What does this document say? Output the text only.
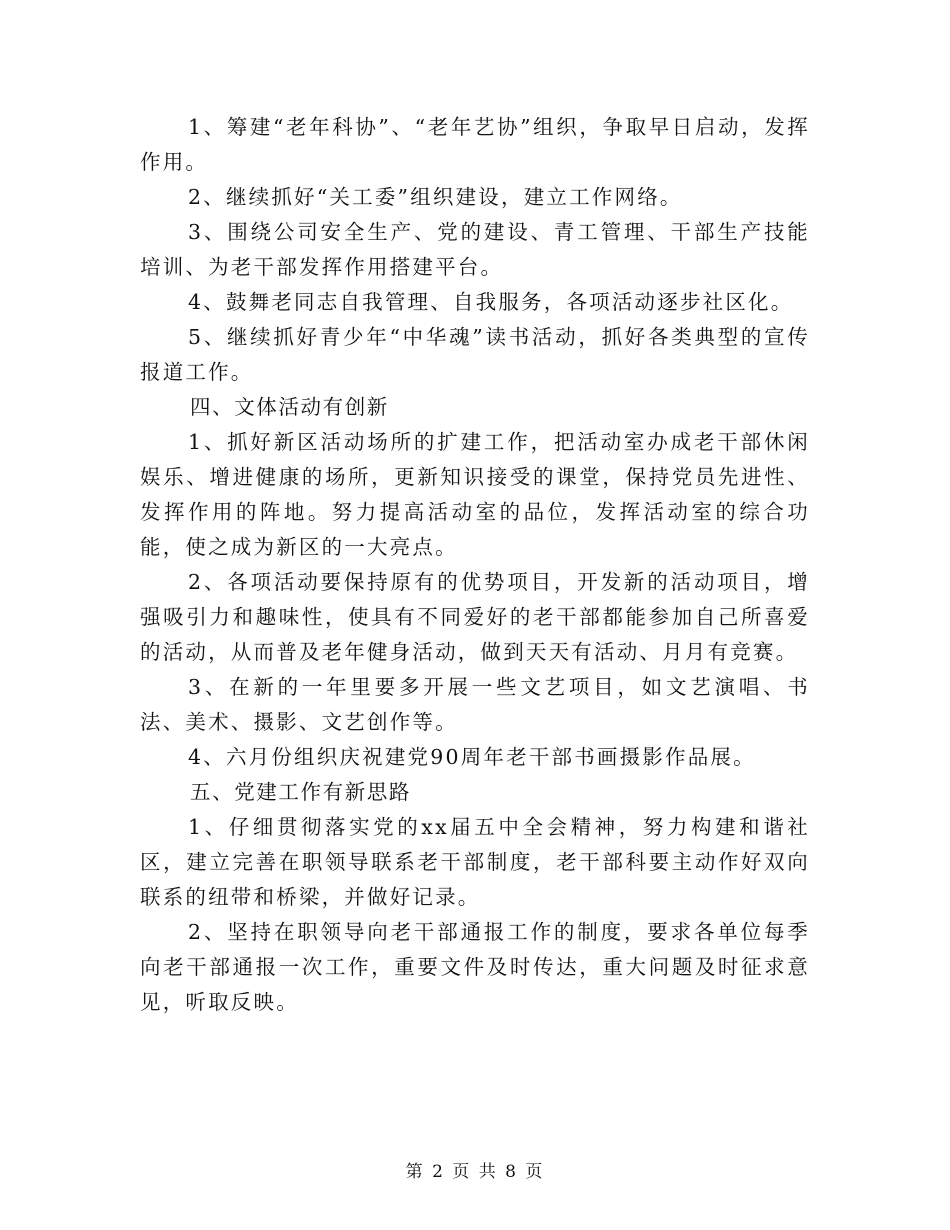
1、筹建“老年科协”、“老年艺协”组织，争取早日启动，发挥作用。

2、继续抓好“关工委”组织建设，建立工作网络。

3、围绕公司安全生产、党的建设、青工管理、干部生产技能培训、为老干部发挥作用搭建平台。

4、鼓舞老同志自我管理、自我服务，各项活动逐步社区化。

5、继续抓好青少年“中华魂”读书活动，抓好各类典型的宣传报道工作。

四、文体活动有创新

1、抓好新区活动场所的扩建工作，把活动室办成老干部休闲娱乐、增进健康的场所，更新知识接受的课堂，保持党员先进性、发挥作用的阵地。努力提高活动室的品位，发挥活动室的综合功能，使之成为新区的一大亮点。

2、各项活动要保持原有的优势项目，开发新的活动项目，增强吸引力和趣味性，使具有不同爱好的老干部都能参加自己所喜爱的活动，从而普及老年健身活动，做到天天有活动、月月有竞赛。

3、在新的一年里要多开展一些文艺项目，如文艺演唱、书法、美术、摄影、文艺创作等。

4、六月份组织庆祝建党90周年老干部书画摄影作品展。

五、党建工作有新思路

1、仔细贯彻落实党的xx届五中全会精神，努力构建和谐社区，建立完善在职领导联系老干部制度，老干部科要主动作好双向联系的纽带和桥梁，并做好记录。

2、坚持在职领导向老干部通报工作的制度，要求各单位每季向老干部通报一次工作，重要文件及时传达，重大问题及时征求意见，听取反映。

第 2 页 共 8 页
